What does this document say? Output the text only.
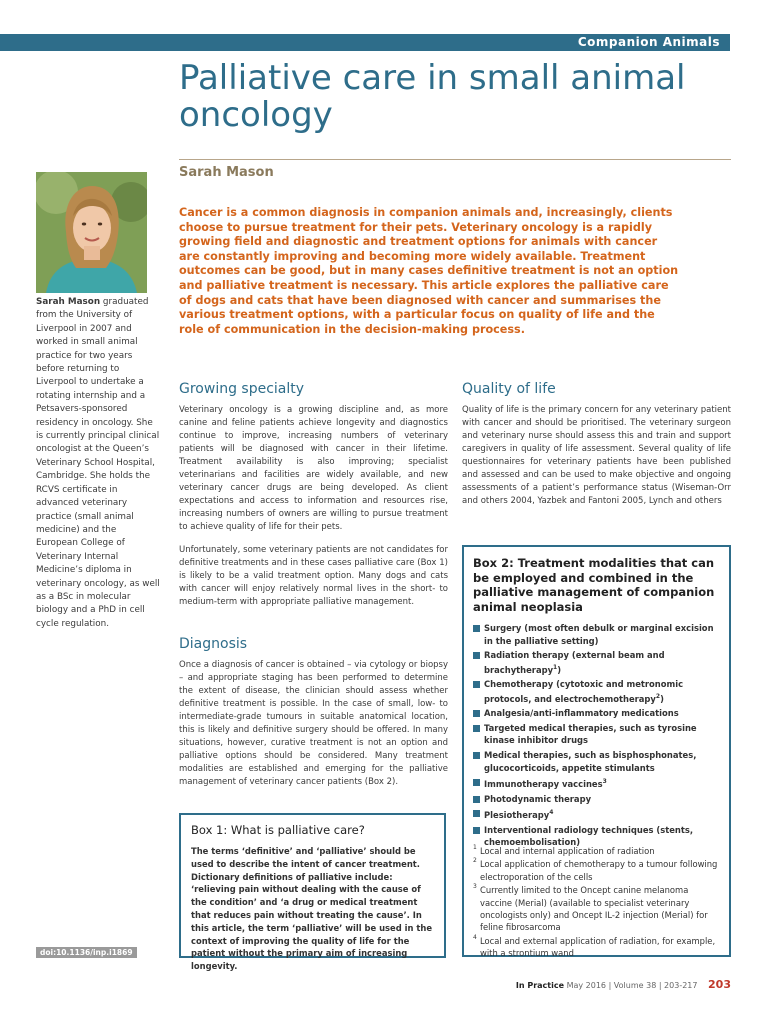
Companion Animals
Palliative care in small animal oncology
Sarah Mason

Sarah Mason graduated from the University of Liverpool in 2007 and worked in small animal practice for two years before returning to Liverpool to undertake a rotating internship and a Petsavers-sponsored residency in oncology. She is currently principal clinical oncologist at the Queen’s Veterinary School Hospital, Cambridge. She holds the RCVS certificate in advanced veterinary practice (small animal medicine) and the European College of Veterinary Internal Medicine’s diploma in veterinary oncology, as well as a BSc in molecular biology and a PhD in cell cycle regulation.

Cancer is a common diagnosis in companion animals and, increasingly, clients choose to pursue treatment for their pets. Veterinary oncology is a rapidly growing field and diagnostic and treatment options for animals with cancer are constantly improving and becoming more widely available. Treatment outcomes can be good, but in many cases definitive treatment is not an option and palliative treatment is necessary. This article explores the palliative care of dogs and cats that have been diagnosed with cancer and summarises the various treatment options, with a particular focus on quality of life and the role of communication in the decision-making process.

Growing specialty

Veterinary oncology is a growing discipline and, as more canine and feline patients achieve longevity and diagnostics continue to improve, increasing numbers of veterinary patients will be diagnosed with cancer in their lifetime. Treatment availability is also improving; specialist veterinarians and facilities are widely available, and new veterinary cancer drugs are being developed. As client expectations and access to information and resources rise, increasing numbers of owners are willing to pursue treatment to achieve quality of life for their pets.

Unfortunately, some veterinary patients are not candidates for definitive treatments and in these cases palliative care (Box 1) is likely to be a valid treatment option. Many dogs and cats with cancer will enjoy relatively normal lives in the short- to medium-term with appropriate palliative management.

Diagnosis

Once a diagnosis of cancer is obtained – via cytology or biopsy – and appropriate staging has been performed to determine the extent of disease, the clinician should assess whether definitive treatment is possible. In the case of small, low- to intermediate-grade tumours in suitable anatomical location, this is likely and definitive surgery should be offered. In many situations, however, curative treatment is not an option and palliative options should be considered. Many treatment modalities are established and emerging for the palliative management of veterinary cancer patients (Box 2).

Quality of life

Quality of life is the primary concern for any veterinary patient with cancer and should be prioritised. The veterinary surgeon and veterinary nurse should assess this and train and support caregivers in quality of life assessment. Several quality of life questionnaires for veterinary patients have been published and assessed and can be used to make objective and ongoing assessments of a patient’s performance status (Wiseman-Orr and others 2004, Yazbek and Fantoni 2005, Lynch and others

Box 1: What is palliative care?

The terms ‘definitive’ and ‘palliative’ should be used to describe the intent of cancer treatment. Dictionary definitions of palliative include: ‘relieving pain without dealing with the cause of the condition’ and ‘a drug or medical treatment that reduces pain without treating the cause’. In this article, the term ‘palliative’ will be used in the context of improving the quality of life for the patient without the primary aim of increasing longevity.

Box 2: Treatment modalities that can be employed and combined in the palliative management of companion animal neoplasia

Surgery (most often debulk or marginal excision in the palliative setting)
Radiation therapy (external beam and brachytherapy$^1$)
Chemotherapy (cytotoxic and metronomic protocols, and electrochemotherapy$^2$)
Analgesia/anti-inflammatory medications
Targeted medical therapies, such as tyrosine kinase inhibitor drugs
Medical therapies, such as bisphosphonates, glucocorticoids, appetite stimulants
Immunotherapy vaccines$^3$
Photodynamic therapy
Plesiotherapy$^4$
Interventional radiology techniques (stents, chemoembolisation)
1 Local and internal application of radiation
2 Local application of chemotherapy to a tumour following electroporation of the cells
3 Currently limited to the Oncept canine melanoma vaccine (Merial) (available to specialist veterinary oncologists only) and Oncept IL-2 injection (Merial) for feline fibrosarcoma
4 Local and external application of radiation, for example, with a strontium wand
doi:10.1136/inp.i1869
In Practice May 2016 | Volume 38 | 203-217 203
